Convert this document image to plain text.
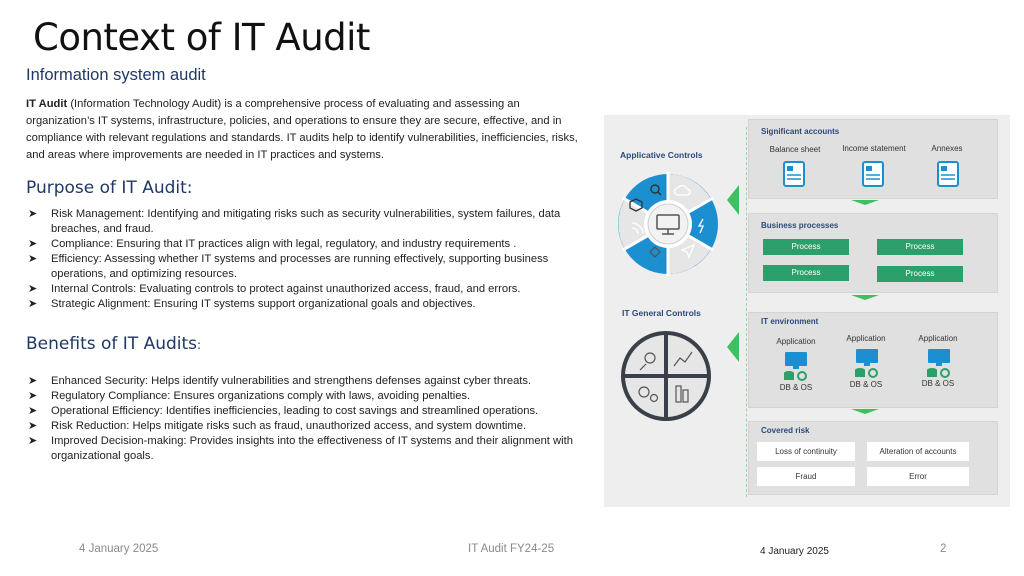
Context of IT Audit
Information system audit

IT Audit (Information Technology Audit) is a comprehensive process of evaluating and assessing an organization’s IT systems, infrastructure, policies, and operations to ensure they are secure, effective, and in compliance with relevant regulations and standards. IT audits help to identify vulnerabilities, inefficiencies, risks, and areas where improvements are needed in IT practices and systems.

Purpose of IT Audit:
➤ Risk Management: Identifying and mitigating risks such as security vulnerabilities, system failures, data breaches, and fraud.
➤ Compliance: Ensuring that IT practices align with legal, regulatory, and industry requirements .
➤ Efficiency: Assessing whether IT systems and processes are running effectively, supporting business operations, and optimizing resources.
➤ Internal Controls: Evaluating controls to protect against unauthorized access, fraud, and errors.
➤ Strategic Alignment: Ensuring IT systems support organizational goals and objectives.
Benefits of IT Audits:
➤ Enhanced Security: Helps identify vulnerabilities and strengthens defenses against cyber threats.
➤ Regulatory Compliance: Ensures organizations comply with laws, avoiding penalties.
➤ Operational Efficiency: Identifies inefficiencies, leading to cost savings and streamlined operations.
➤ Risk Reduction: Helps mitigate risks such as fraud, unauthorized access, and system downtime.
➤ Improved Decision-making: Provides insights into the effectiveness of IT systems and their alignment with organizational goals.
Applicative Controls
IT General Controls
Significant accounts
Balance sheet	Income statement	Annexes
Business processes
Process	Process
Process	Process
IT environment
Application	Application	Application
DB & OS	DB & OS	DB & OS
Covered risk
Loss of continuity	Alteration of accounts
Fraud	Error
4 January 2025	IT Audit FY24-25	4 January 2025	2
